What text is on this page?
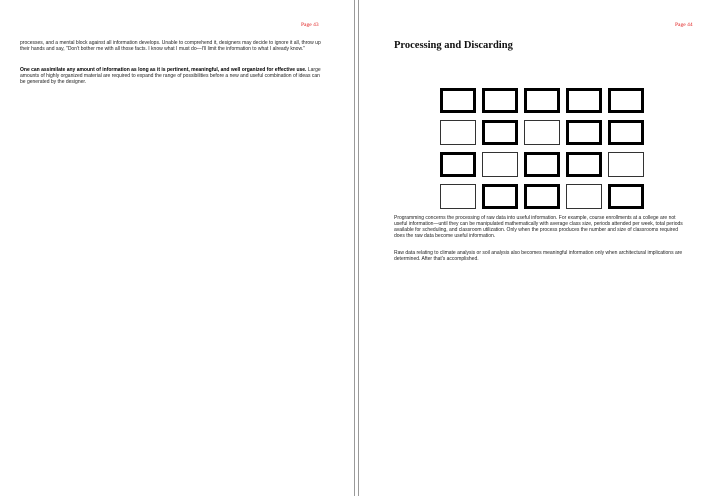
Page 43

processes, and a mental block against all information develops. Unable to comprehend it, designers may decide to ignore it all, throw up their hands and say, "Don't bother me with all those facts. I know what I must do—I'll limit the information to what I already know."

One can assimilate any amount of information as long as it is pertinent, meaningful, and well organized for effective use. Large amounts of highly organized material are required to expand the range of possibilities before a new and useful combination of ideas can be generated by the designer.

Page 44
Processing and Discarding

Programming concerns the processing of raw data into useful information. For example, course enrollments at a college are not useful information—until they can be manipulated mathematically with average class size, periods attended per week, total periods available for scheduling, and classroom utilization. Only when the process produces the number and size of classrooms required does the raw data become useful information.

Raw data relating to climate analysis or soil analysis also becomes meaningful information only when architectural implications are determined. After that's accomplished.
